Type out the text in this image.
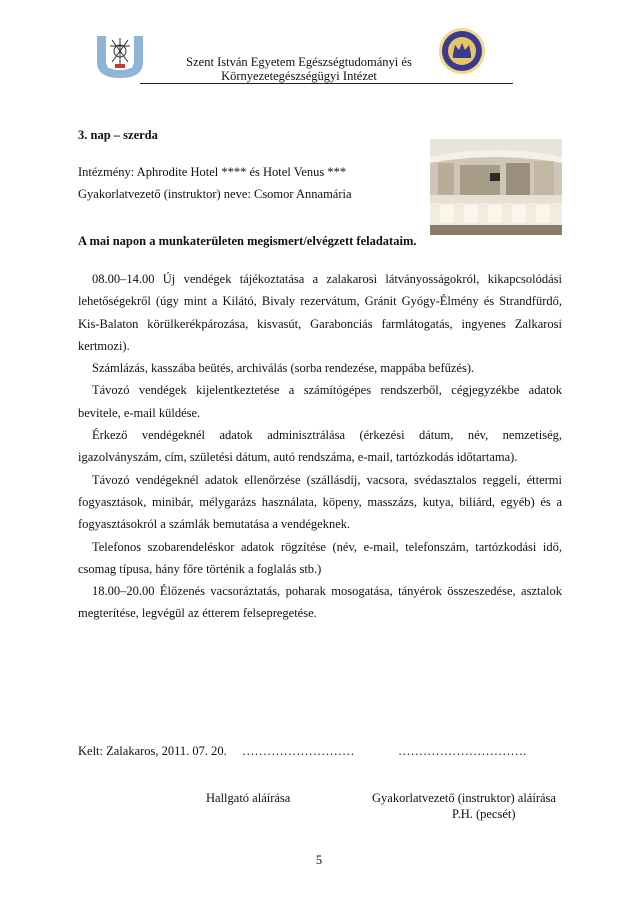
Szent István Egyetem Egészségtudományi és
Környezetegészségügyi Intézet
3. nap – szerda
Intézmény: Aphrodite Hotel **** és Hotel Venus ***
Gyakorlatvezető (instruktor) neve: Csomor Annamária
A mai napon a munkaterületen megismert/elvégzett feladataim.

08.00–14.00 Új vendégek tájékoztatása a zalakarosi látványosságokról, kikapcsolódási lehetőségekről (úgy mint a Kilátó, Bivaly rezervátum, Gránit Gyógy-Élmény és Strandfürdő, Kis-Balaton körülkerékpározása, kisvasút, Garabonciás farmlátogatás, ingyenes Zalkarosi kertmozi).

Számlázás, kasszába beütés, archiválás (sorba rendezése, mappába befűzés).

Távozó vendégek kijelentkeztetése a számítógépes rendszerből, cégjegyzékbe adatok bevitele, e-mail küldése.

Érkező vendégeknél adatok adminisztrálása (érkezési dátum, név, nemzetiség, igazolványszám, cím, születési dátum, autó rendszáma, e-mail, tartózkodás időtartama).

Távozó vendégeknél adatok ellenőrzése (szállásdíj, vacsora, svédasztalos reggeli, éttermi fogyasztások, minibár, mélygarázs használata, köpeny, masszázs, kutya, biliárd, egyéb) és a fogyasztásokról a számlák bemutatása a vendégeknek.

Telefonos szobarendeléskor adatok rögzítése (név, e-mail, telefonszám, tartózkodási idő, csomag típusa, hány főre történik a foglalás stb.)

18.00–20.00 Élőzenés vacsoráztatás, poharak mosogatása, tányérok összeszedése, asztalok megterítése, legvégül az étterem felsepregetése.

Kelt: Zalakaros, 2011. 07. 20. ………………………	………………………….
Hallgató aláírása	Gyakorlatvezető (instruktor) aláírása
P.H. (pecsét)
5
